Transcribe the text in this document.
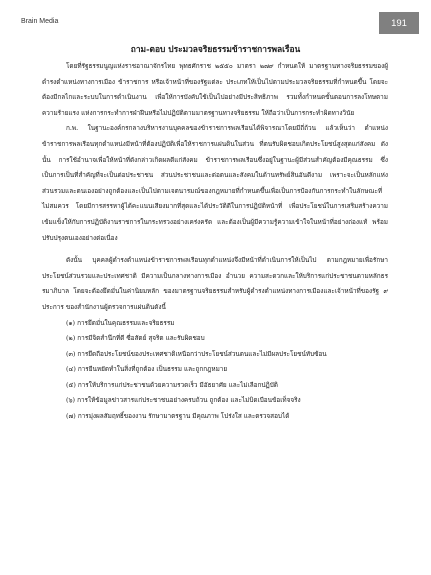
Brain Media	191
ถาม-ตอบ ประมวลจริยธรรมข้าราชการพลเรือน

โดยที่รัฐธรรมนูญแห่งราชอาณาจักรไทย พุทธศักราช ๒๕๕๐ มาตรา ๒๗๙ กำหนดให้ มาตรฐานทางจริยธรรมของผู้ดำรงตำแหน่งทางการเมือง ข้าราชการ หรือเจ้าหน้าที่ของรัฐแต่ละ ประเภทให้เป็นไปตามประมวลจริยธรรมที่กำหนดขึ้น โดยจะต้องมีกลไกและระบบในการดำเนินงาน เพื่อให้การบังคับใช้เป็นไปอย่างมีประสิทธิภาพ รวมทั้งกำหนดขั้นตอนการลงโทษตามความร้ายแรง แห่งการกระทำการฝ่าฝืนหรือไม่ปฏิบัติตามมาตรฐานทางจริยธรรม ให้ถือว่าเป็นการกระทำผิดทางวินัย

ก.พ. ในฐานะองค์กรกลางบริหารงานบุคคลของข้าราชการพลเรือนได้พิจารณาโดยมีถี่ถ้วน แล้วเห็นว่า ตำแหน่งข้าราชการพลเรือนทุกตำแหน่งมีหน้าที่ต้องปฏิบัติเพื่อให้ราชการแผ่นดินในส่วน ที่ตนรับผิดชอบเกิดประโยชน์สูงสุดแก่สังคม ดังนั้น การใช้อำนาจเพื่อให้หน้าที่ดังกล่าวเกิดผลดีแก่สังคม ข้าราชการพลเรือนซึ่งอยู่ในฐานะผู้มีส่วนสำคัญต้องมีคุณธรรม ซึ่งเป็นการเป็นที่สำคัญที่จะเป็นต่อประชาชน ส่วนประชาชนและต่อตนและสังคมในด้านทรัพย์สินอันดีงาม เพราะจะเป็นหลักแห่งส่วนรวมและตนเองอย่างถูกต้องและเป็นไปตามเจตนารมณ์ของกฎหมายที่กำหนดขึ้นเพื่อเป็นการป้องกันการกระทำในลักษณะที่ไม่สมควร โดยมีการสรรหาผู้ได้คะแนนเสียงมากที่สุดและได้ประวัติดีในการปฏิบัติหน้าที่ เพื่อประโยชน์ในการเสริมสร้างความเข้มแข็งให้กับการปฏิบัติงานราชการในกระทรวงอย่างเคร่งครัด และต้องเป็นผู้มีความรู้ความเข้าใจในหน้าที่อย่างถ่องแท้ พร้อมปรับปรุงตนเองอย่างต่อเนื่อง

ดังนั้น บุคคลผู้ดำรงตำแหน่งข้าราชการพลเรือนทุกตำแหน่งจึงมีหน้าที่ดำเนินการให้เป็นไป ตามกฎหมายเพื่อรักษาประโยชน์ส่วนรวมและประเทศชาติ มีความเป็นกลางทางการเมือง อำนวย ความสะดวกและให้บริการแก่ประชาชนตามหลักธรรมาภิบาล โดยจะต้องยึดมั่นในค่านิยมหลัก ของมาตรฐานจริยธรรมสำหรับผู้ดำรงตำแหน่งทางการเมืองและเจ้าหน้าที่ของรัฐ ๙ ประการ ของสำนักงานผู้ตรวจการแผ่นดินดังนี้

(๑) การยึดมั่นในคุณธรรมและจริยธรรม
(๒) การมีจิตสำนึกที่ดี ซื่อสัตย์ สุจริต และรับผิดชอบ
(๓) การยึดถือประโยชน์ของประเทศชาติเหนือกว่าประโยชน์ส่วนตนและไม่มีผลประโยชน์ทับซ้อน
(๔) การยืนหยัดทำในสิ่งที่ถูกต้อง เป็นธรรม และถูกกฎหมาย
(๕) การให้บริการแก่ประชาชนด้วยความรวดเร็ว มีอัธยาศัย และไม่เลือกปฏิบัติ
(๖) การให้ข้อมูลข่าวสารแก่ประชาชนอย่างครบถ้วน ถูกต้อง และไม่บิดเบือนข้อเท็จจริง
(๗) การมุ่งผลสัมฤทธิ์ของงาน รักษามาตรฐาน มีคุณภาพ โปร่งใส และตรวจสอบได้
